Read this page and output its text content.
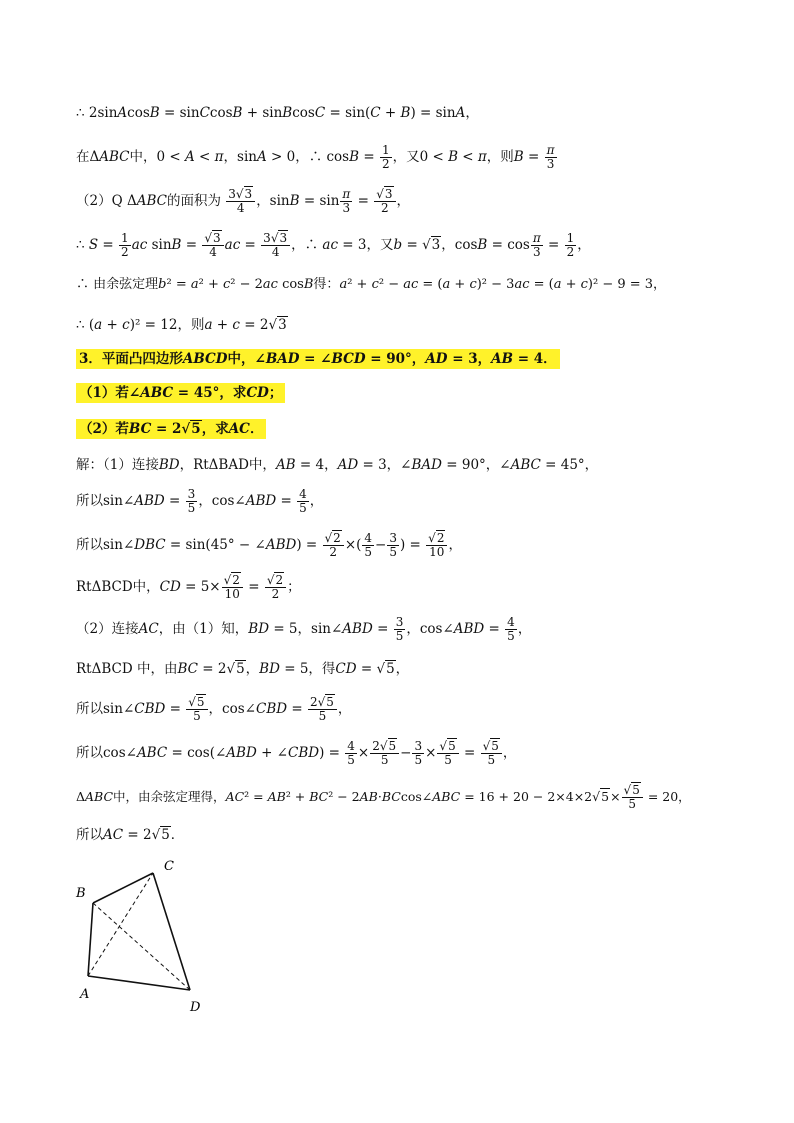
∴ 2sinAcosB = sinCcosB + sinBcosC = sin(C + B) = sinA，
在ΔABC中，0 < A < π，sinA > 0，∴ $\cos B = \frac{1}{2}$ ，又0 < B < π，则$B = \frac{\pi}{3}$
（2）Q ΔABC的面积为 $\frac{3√3}{4}$ ，$\sin B = \sin \frac{\pi}{3} = \frac{√3}{2}$ ，
∴ $S = \frac{1}{2}$ ac $\sin B = \frac{√3}{4}$ ac = $\frac{3√3}{4}$ ，∴ ac = 3，又b = √3，$\cos B = \cos \frac{\pi}{3} = \frac{1}{2}$ ，
∴ 由余弦定理b² = a² + c² − 2ac cosB得：a² + c² − ac = (a + c)² − 3ac = (a + c)² − 9 = 3，
∴ (a + c)² = 12，则a + c = 2√3
3．平面凸四边形ABCD中，∠BAD = ∠BCD = 90°，AD = 3，AB = 4．
（1）若∠ABC = 45°，求CD；
（2）若BC = 2√5，求AC．
解：（1）连接BD，RtΔBAD中，AB = 4，AD = 3，∠BAD = 90°，∠ABC = 45°，
所以sin∠ABD = $\frac{3}{5}$ ，cos∠ABD = $\frac{4}{5}$ ，
所以sin∠DBC = sin(45° − ∠ABD) = $\frac{√2}{2}$ ×( $\frac{4}{5} - \frac{3}{5}$ ) = $\frac{√2}{10}$ ，
RtΔBCD中，CD = $5\times \frac{√2}{10} = \frac{√2}{2}$ ；
（2）连接AC，由（1）知，BD = 5，sin∠ABD = $\frac{3}{5}$ ，cos∠ABD = $\frac{4}{5}$ ，
RtΔBCD 中，由BC = 2√5，BD = 5，得CD = √5，
所以sin∠CBD = $\frac{√5}{5}$ ，cos∠CBD = $\frac{2√5}{5}$ ，
所以cos∠ABC = cos(∠ABD + ∠CBD) = $\frac{4}{5} \times \frac{2√5}{5} - \frac{3}{5} \times \frac{√5}{5} = \frac{√5}{5}$ ，
ΔABC中，由余弦定理得，AC² = AB² + BC² − 2AB·BCcos∠ABC = $16 + 20 - 2\times 4\times 2√5\times \frac{√5}{5} = 20$，
所以AC = 2√5．
A
B
C
D
